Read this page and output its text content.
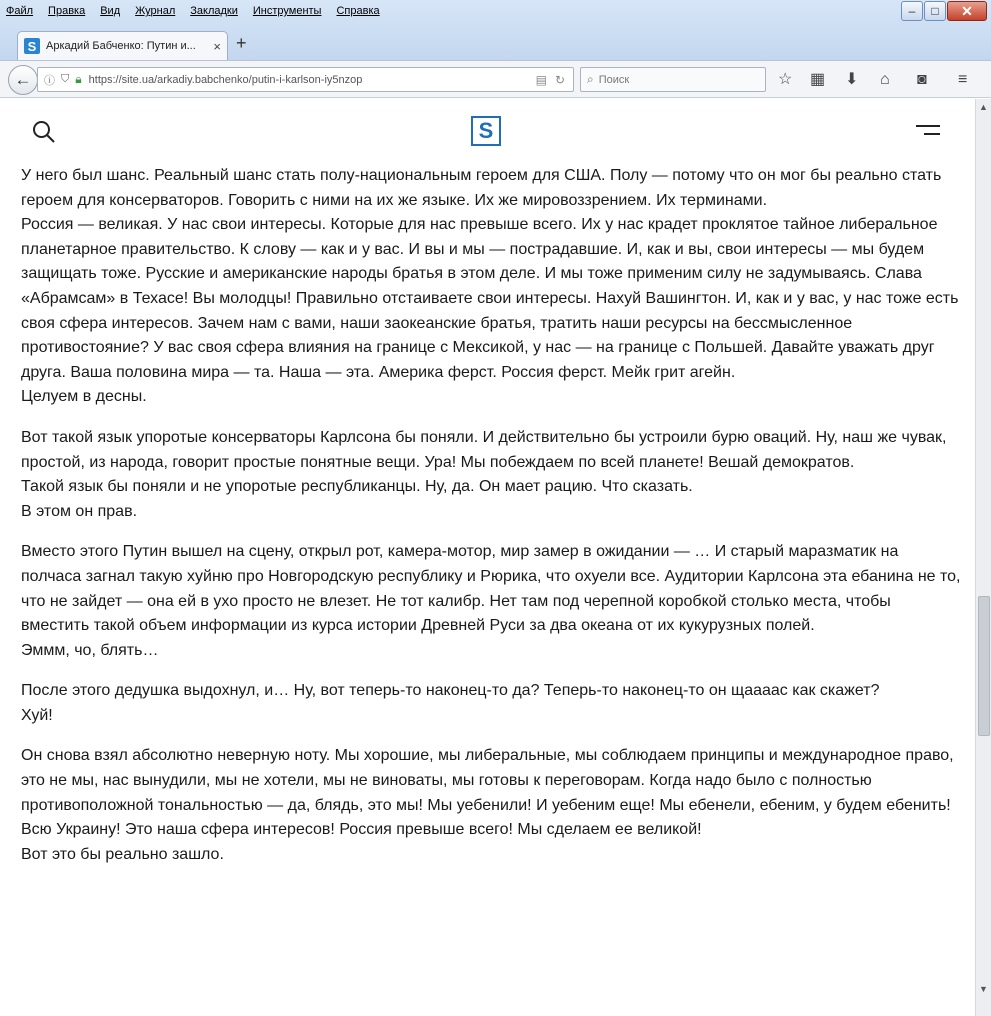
Файл Правка Вид Журнал Закладки Инструменты Справка	–	□	✕
S Аркадий Бабченко: Путин и...	× +
←	ⓘ ⛉ 🔒︎ https://site.ua/arkadiy.babchenko/putin-i-karlson-iy5nzop	▤ ↻ ⌕ Поиск	☆ ▦ ⬇ ⌂ ◙ ≡
S

У него был шанс. Реальный шанс стать полу-национальным героем для США. Полу — потому что он мог бы реально стать героем для консерваторов. Говорить с ними на их же языке. Их же мировоззрением. Их терминами.
Россия — великая. У нас свои интересы. Которые для нас превыше всего. Их у нас крадет проклятое тайное либеральное планетарное правительство. К слову — как и у вас. И вы и мы — пострадавшие. И, как и вы, свои интересы — мы будем защищать тоже. Русские и американские народы братья в этом деле. И мы тоже применим силу не задумываясь. Слава «Абрамсам» в Техасе! Вы молодцы! Правильно отстаиваете свои интересы. Нахуй Вашингтон. И, как и у вас, у нас тоже есть своя сфера интересов. Зачем нам с вами, наши заокеанские братья, тратить наши ресурсы на бессмысленное противостояние? У вас своя сфера влияния на границе с Мексикой, у нас — на границе с Польшей. Давайте уважать друг друга. Ваша половина мира — та. Наша — эта. Америка ферст. Россия ферст. Мейк грит агейн.
Целуем в десны.

Вот такой язык упоротые консерваторы Карлсона бы поняли. И действительно бы устроили бурю оваций. Ну, наш же чувак, простой, из народа, говорит простые понятные вещи. Ура! Мы побеждаем по всей планете! Вешай демократов.
Такой язык бы поняли и не упоротые республиканцы. Ну, да. Он мает рацию. Что сказать.
В этом он прав.

Вместо этого Путин вышел на сцену, открыл рот, камера-мотор, мир замер в ожидании — … И старый маразматик на полчаса загнал такую хуйню про Новгородскую республику и Рюрика, что охуели все. Аудитории Карлсона эта ебанина не то, что не зайдет — она ей в ухо просто не влезет. Не тот калибр. Нет там под черепной коробкой столько места, чтобы вместить такой объем информации из курса истории Древней Руси за два океана от их кукурузных полей.
Эммм, чо, блять…

После этого дедушка выдохнул, и… Ну, вот теперь-то наконец-то да? Теперь-то наконец-то он щаааас как скажет?
Хуй!

Он снова взял абсолютно неверную ноту. Мы хорошие, мы либеральные, мы соблюдаем принципы и международное право, это не мы, нас вынудили, мы не хотели, мы не виноваты, мы готовы к переговорам. Когда надо было с полностью противоположной тональностью — да, блядь, это мы! Мы уебенили! И уебеним еще! Мы ебенели, ебеним, у будем ебенить! Всю Украину! Это наша сфера интересов! Россия превыше всего! Мы сделаем ее великой!
Вот это бы реально зашло.

▲
▼
